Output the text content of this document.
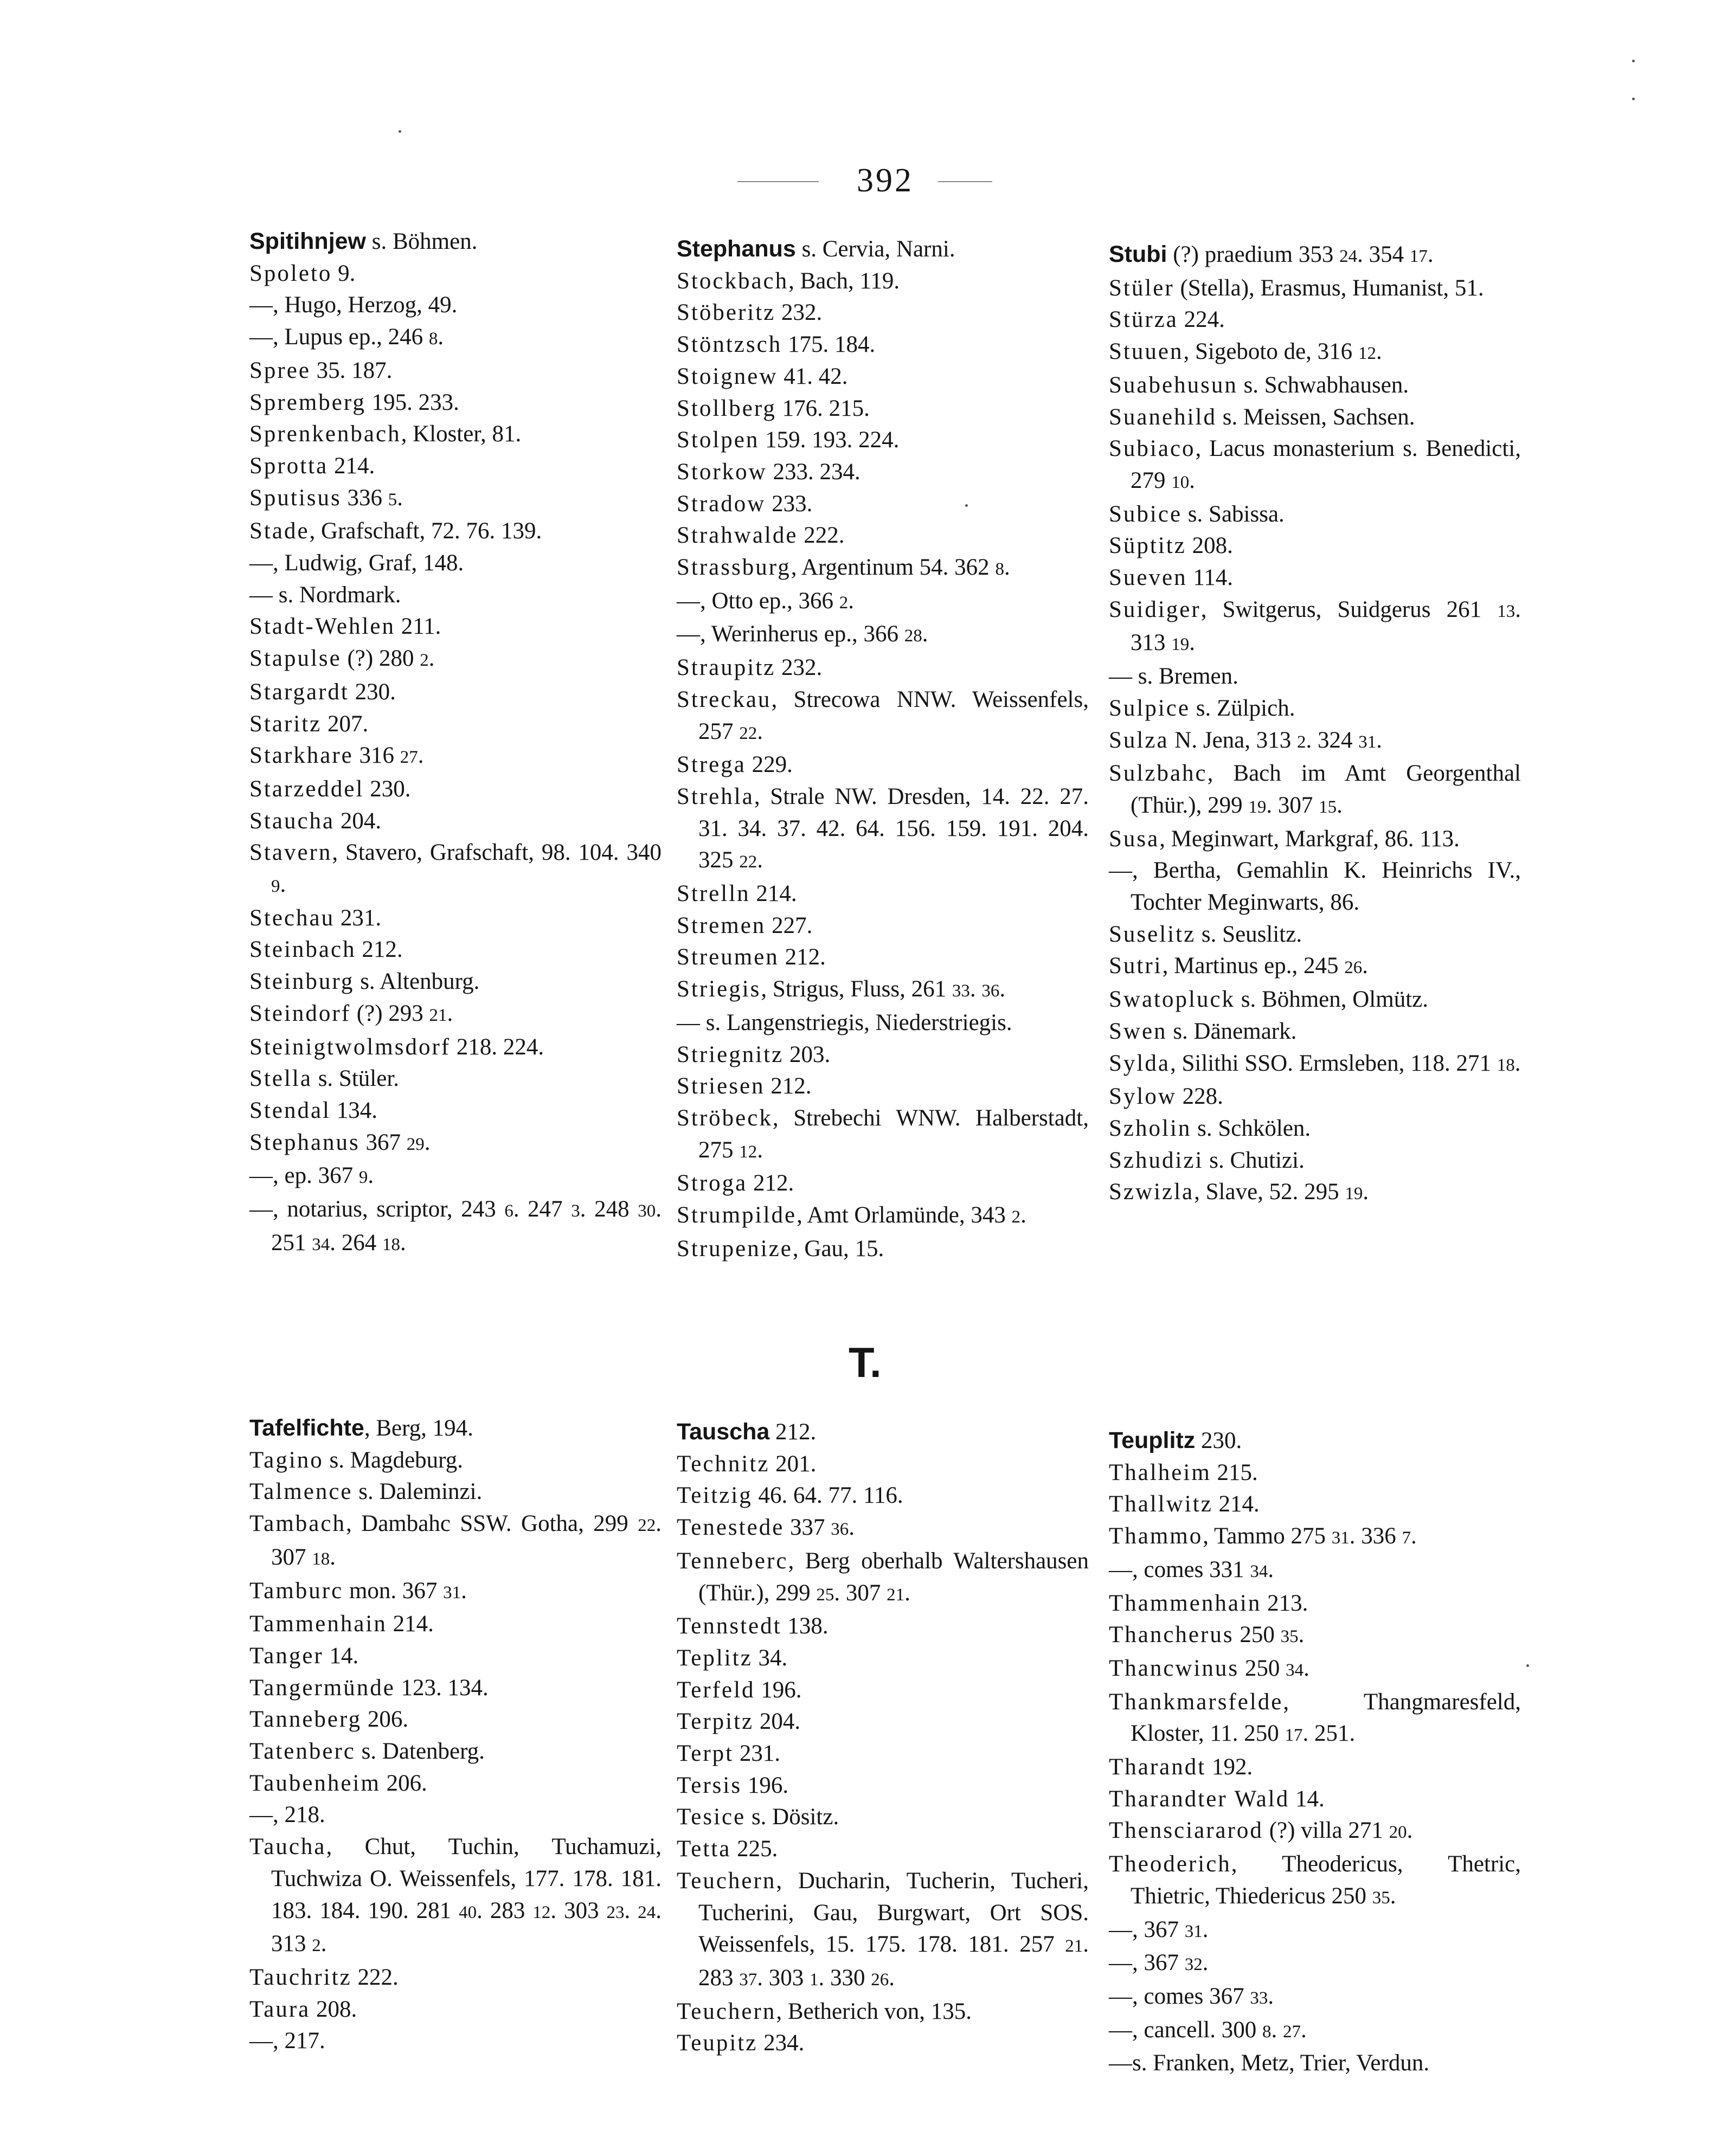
392
Spitihnjew s. Böhmen.
Spoleto 9.
—, Hugo, Herzog, 49.
—, Lupus ep., 246 8.
Spree 35. 187.
Spremberg 195. 233.
Sprenkenbach, Kloster, 81.
Sprotta 214.
Sputisus 336 5.
Stade, Grafschaft, 72. 76. 139.
—, Ludwig, Graf, 148.
— s. Nordmark.
Stadt-Wehlen 211.
Stapulse (?) 280 2.
Stargardt 230.
Staritz 207.
Starkhare 316 27.
Starzeddel 230.
Staucha 204.
Stavern, Stavero, Grafschaft, 98. 104. 340 9.
Stechau 231.
Steinbach 212.
Steinburg s. Altenburg.
Steindorf (?) 293 21.
Steinigtwolmsdorf 218. 224.
Stella s. Stüler.
Stendal 134.
Stephanus 367 29.
—, ep. 367 9.
—, notarius, scriptor, 243 6. 247 3. 248 30. 251 34. 264 18.
Stephanus s. Cervia, Narni.
Stockbach, Bach, 119.
Stöberitz 232.
Stöntzsch 175. 184.
Stoignew 41. 42.
Stollberg 176. 215.
Stolpen 159. 193. 224.
Storkow 233. 234.
Stradow 233.
Strahwalde 222.
Strassburg, Argentinum 54. 362 8.
—, Otto ep., 366 2.
—, Werinherus ep., 366 28.
Straupitz 232.
Streckau, Strecowa NNW. Weissenfels, 257 22.
Strega 229.
Strehla, Strale NW. Dresden, 14. 22. 27. 31. 34. 37. 42. 64. 156. 159. 191. 204. 325 22.
Strelln 214.
Stremen 227.
Streumen 212.
Striegis, Strigus, Fluss, 261 33. 36.
— s. Langenstriegis, Niederstriegis.
Striegnitz 203.
Striesen 212.
Ströbeck, Strebechi WNW. Halberstadt, 275 12.
Stroga 212.
Strumpilde, Amt Orlamünde, 343 2.
Strupenize, Gau, 15.
Stubi (?) praedium 353 24. 354 17.
Stüler (Stella), Erasmus, Humanist, 51.
Stürza 224.
Stuuen, Sigeboto de, 316 12.
Suabehusun s. Schwabhausen.
Suanehild s. Meissen, Sachsen.
Subiaco, Lacus monasterium s. Benedicti, 279 10.
Subice s. Sabissa.
Süptitz 208.
Sueven 114.
Suidiger, Switgerus, Suidgerus 261 13. 313 19.
— s. Bremen.
Sulpice s. Zülpich.
Sulza N. Jena, 313 2. 324 31.
Sulzbahc, Bach im Amt Georgenthal (Thür.), 299 19. 307 15.
Susa, Meginwart, Markgraf, 86. 113.
—, Bertha, Gemahlin K. Heinrichs IV., Tochter Meginwarts, 86.
Suselitz s. Seuslitz.
Sutri, Martinus ep., 245 26.
Swatopluck s. Böhmen, Olmütz.
Swen s. Dänemark.
Sylda, Silithi SSO. Ermsleben, 118. 271 18.
Sylow 228.
Szholin s. Schkölen.
Szhudizi s. Chutizi.
Szwizla, Slave, 52. 295 19.
T.
Tafelfichte, Berg, 194.
Tagino s. Magdeburg.
Talmence s. Daleminzi.
Tambach, Dambahc SSW. Gotha, 299 22. 307 18.
Tamburc mon. 367 31.
Tammenhain 214.
Tanger 14.
Tangermünde 123. 134.
Tanneberg 206.
Tatenberc s. Datenberg.
Taubenheim 206.
—, 218.
Taucha, Chut, Tuchin, Tuchamuzi, Tuchwiza O. Weissenfels, 177. 178. 181. 183. 184. 190. 281 40. 283 12. 303 23. 24. 313 2.
Tauchritz 222.
Taura 208.
—, 217.
Tauscha 212.
Technitz 201.
Teitzig 46. 64. 77. 116.
Tenestede 337 36.
Tenneberc, Berg oberhalb Waltershausen (Thür.), 299 25. 307 21.
Tennstedt 138.
Teplitz 34.
Terfeld 196.
Terpitz 204.
Terpt 231.
Tersis 196.
Tesice s. Dösitz.
Tetta 225.
Teuchern, Ducharin, Tucherin, Tucheri, Tucherini, Gau, Burgwart, Ort SOS. Weissenfels, 15. 175. 178. 181. 257 21. 283 37. 303 1. 330 26.
Teuchern, Betherich von, 135.
Teupitz 234.
Teuplitz 230.
Thalheim 215.
Thallwitz 214.
Thammo, Tammo 275 31. 336 7.
—, comes 331 34.
Thammenhain 213.
Thancherus 250 35.
Thancwinus 250 34.
Thankmarsfelde, Thangmaresfeld, Kloster, 11. 250 17. 251.
Tharandt 192.
Tharandter Wald 14.
Thensciararod (?) villa 271 20.
Theoderich, Theodericus, Thetric, Thietric, Thiedericus 250 35.
—, 367 31.
—, 367 32.
—, comes 367 33.
—, cancell. 300 8. 27.
—s. Franken, Metz, Trier, Verdun.
